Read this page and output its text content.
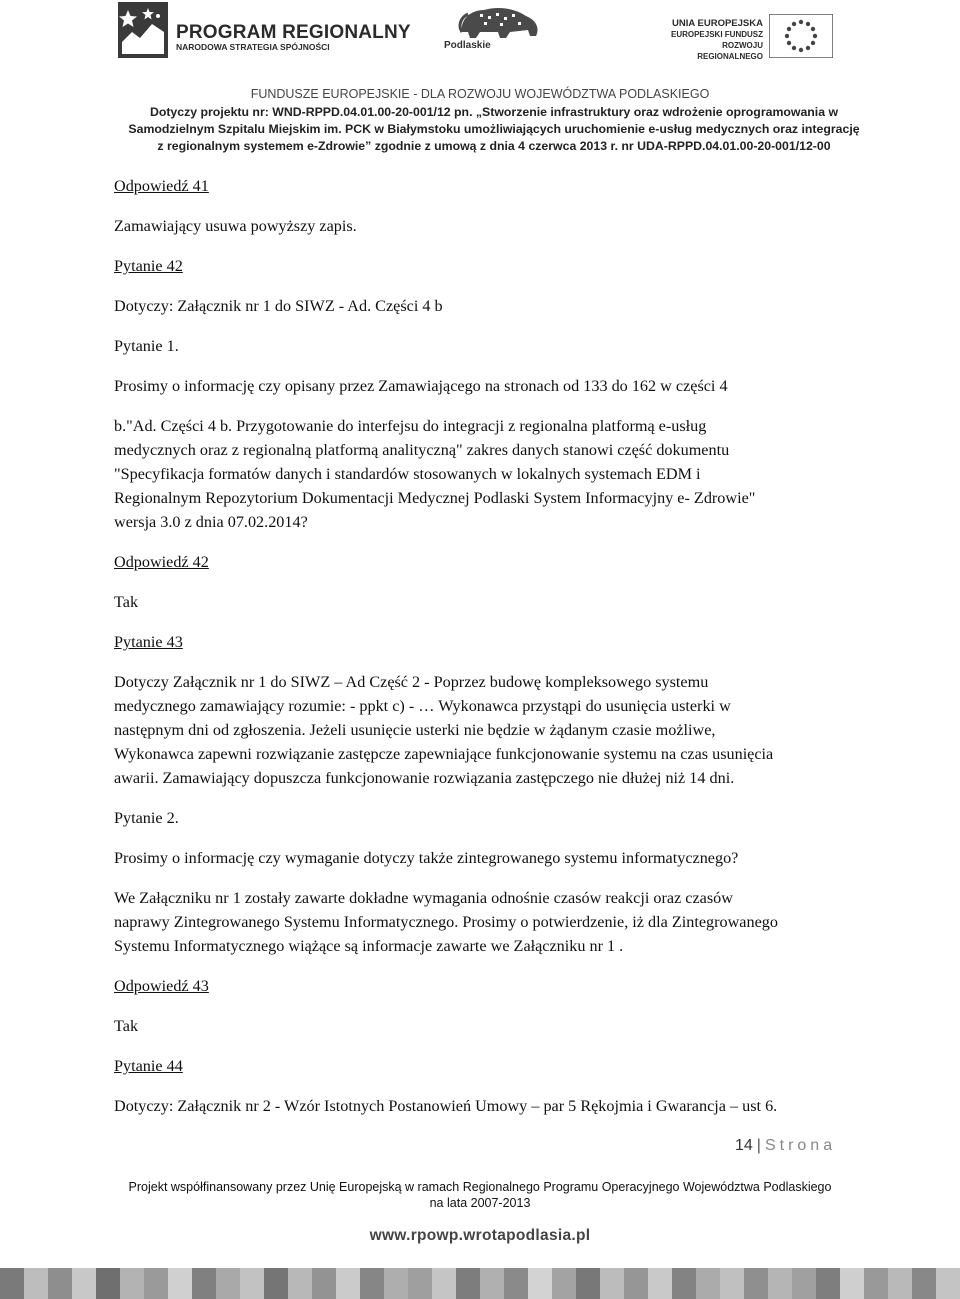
PROGRAM REGIONALNY
NARODOWA STRATEGIA SPÓJNOŚCI	Podlaskie
UNIA EUROPEJSKA
EUROPEJSKI FUNDUSZ
ROZWOJU REGIONALNEGO
FUNDUSZE EUROPEJSKIE - DLA ROZWOJU WOJEWÓDZTWA PODLASKIEGO
Dotyczy projektu nr: WND-RPPD.04.01.00-20-001/12 pn. „Stworzenie infrastruktury oraz wdrożenie oprogramowania w
Samodzielnym Szpitalu Miejskim im. PCK w Białymstoku umożliwiających uruchomienie e-usług medycznych oraz integrację
z regionalnym systemem e-Zdrowie” zgodnie z umową z dnia 4 czerwca 2013 r. nr UDA-RPPD.04.01.00-20-001/12-00
Odpowiedź 41
Zamawiający usuwa powyższy zapis.
Pytanie 42
Dotyczy: Załącznik nr 1 do SIWZ - Ad. Części 4 b
Pytanie 1.
Prosimy o informację czy opisany przez Zamawiającego na stronach od 133 do 162 w części 4
b."Ad. Części 4 b. Przygotowanie do interfejsu do integracji z regionalna platformą e-usług
medycznych oraz z regionalną platformą analityczną" zakres danych stanowi część dokumentu
"Specyfikacja formatów danych i standardów stosowanych w lokalnych systemach EDM i
Regionalnym Repozytorium Dokumentacji Medycznej Podlaski System Informacyjny e- Zdrowie"
wersja 3.0 z dnia 07.02.2014?
Odpowiedź 42
Tak
Pytanie 43
Dotyczy Załącznik nr 1 do SIWZ – Ad Część 2 - Poprzez budowę kompleksowego systemu
medycznego zamawiający rozumie: - ppkt c) - … Wykonawca przystąpi do usunięcia usterki w
następnym dni od zgłoszenia. Jeżeli usunięcie usterki nie będzie w żądanym czasie możliwe,
Wykonawca zapewni rozwiązanie zastępcze zapewniające funkcjonowanie systemu na czas usunięcia
awarii. Zamawiający dopuszcza funkcjonowanie rozwiązania zastępczego nie dłużej niż 14 dni.
Pytanie 2.
Prosimy o informację czy wymaganie dotyczy także zintegrowanego systemu informatycznego?
We Załączniku nr 1 zostały zawarte dokładne wymagania odnośnie czasów reakcji oraz czasów
naprawy Zintegrowanego Systemu Informatycznego. Prosimy o potwierdzenie, iż dla Zintegrowanego
Systemu Informatycznego wiążące są informacje zawarte we Załączniku nr 1 .
Odpowiedź 43
Tak
Pytanie 44
Dotyczy: Załącznik nr 2 - Wzór Istotnych Postanowień Umowy – par 5 Rękojmia i Gwarancja – ust 6.
14 | Strona
Projekt współfinansowany przez Unię Europejską w ramach Regionalnego Programu Operacyjnego Województwa Podlaskiego
na lata 2007-2013
www.rpowp.wrotapodlasia.pl
